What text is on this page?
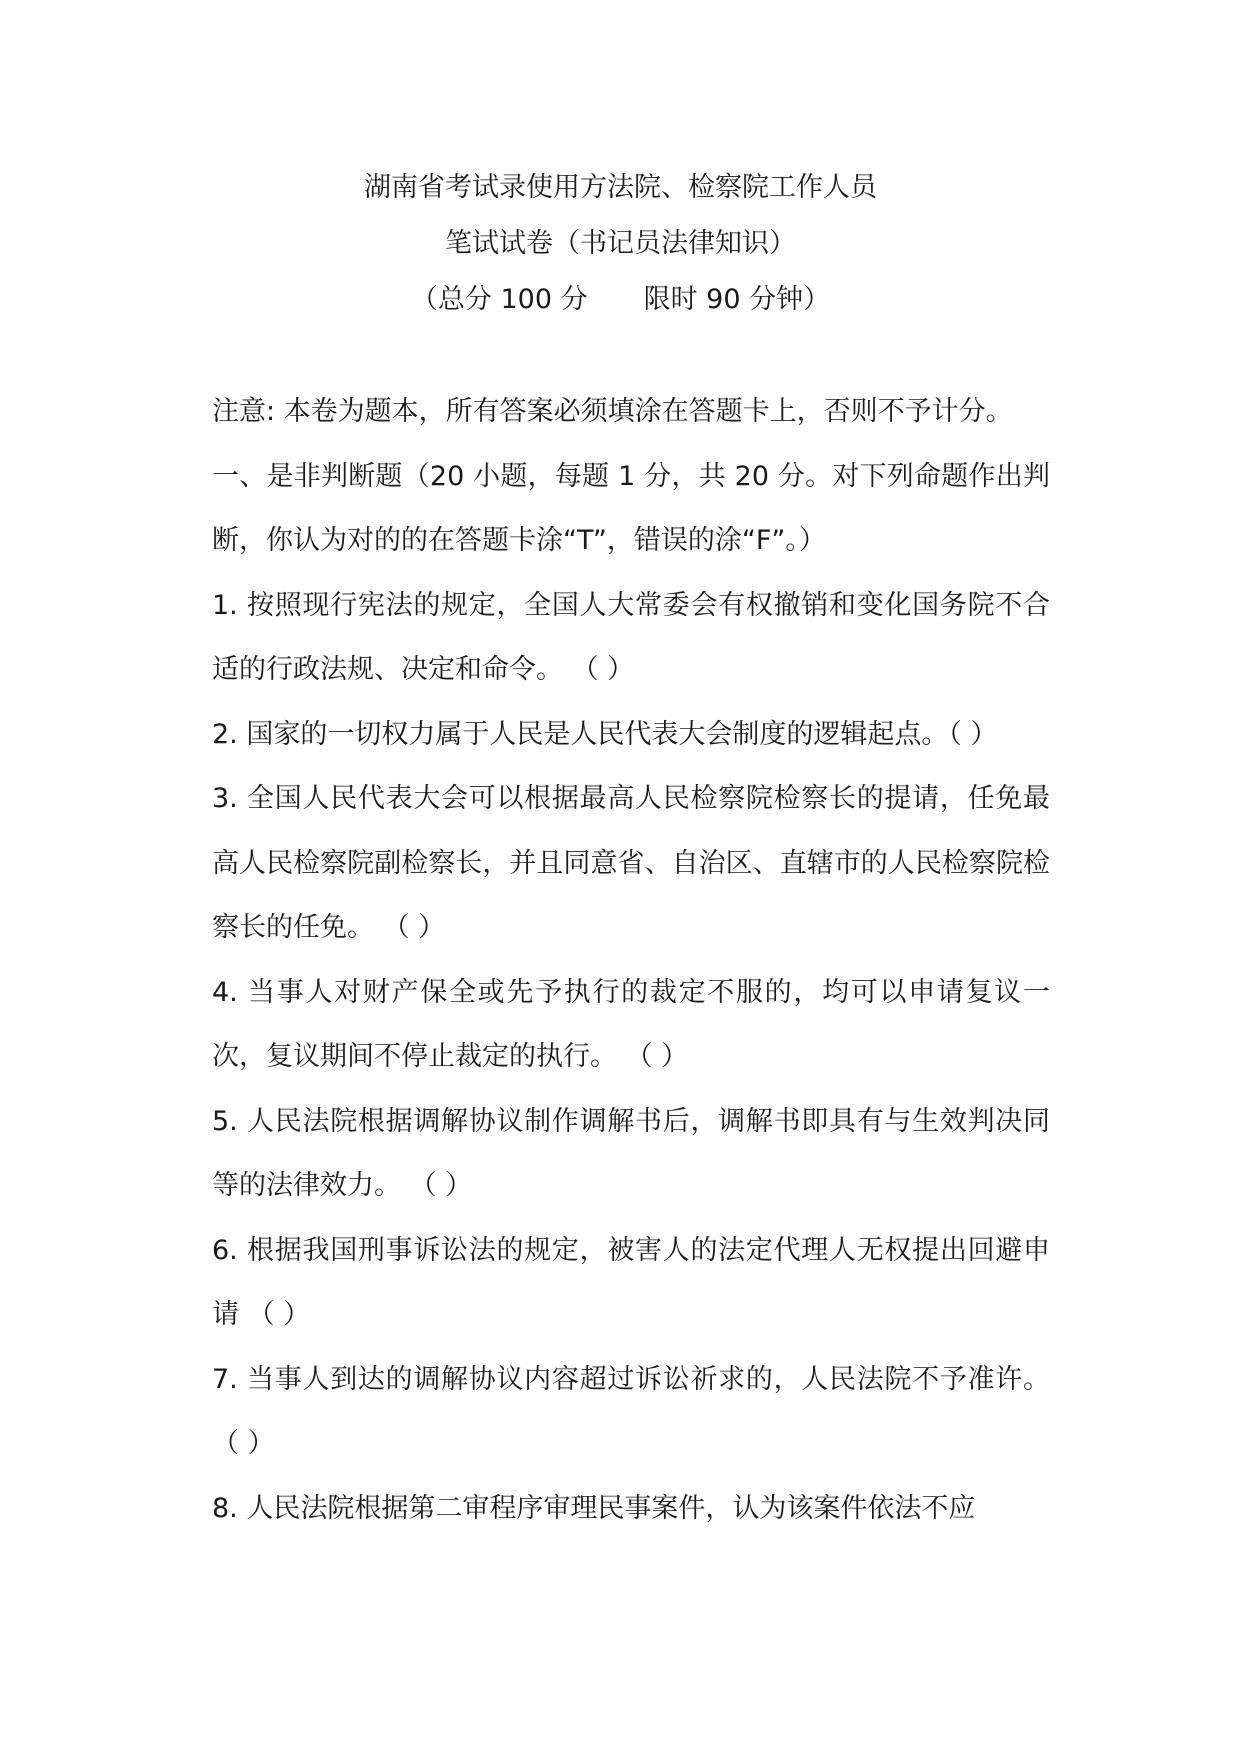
湖南省考试录使用方法院、检察院工作人员
笔试试卷（书记员法律知识）
（总分 100 分 限时 90 分钟）

注意: 本卷为题本，所有答案必须填涂在答题卡上，否则不予计分。

一、是非判断题（20 小题，每题 1 分，共 20 分。对下列命题作出判断，你认为对的的在答题卡涂“T”，错误的涂“F”。）

1. 按照现行宪法的规定，全国人大常委会有权撤销和变化国务院不合适的行政法规、决定和命令。 （ ）

2. 国家的一切权力属于人民是人民代表大会制度的逻辑起点。（ ）

3. 全国人民代表大会可以根据最高人民检察院检察长的提请，任免最高人民检察院副检察长，并且同意省、自治区、直辖市的人民检察院检察长的任免。 （ ）

4. 当事人对财产保全或先予执行的裁定不服的，均可以申请复议一次，复议期间不停止裁定的执行。 （ ）

5. 人民法院根据调解协议制作调解书后，调解书即具有与生效判决同等的法律效力。 （ ）

6. 根据我国刑事诉讼法的规定，被害人的法定代理人无权提出回避申请 （ ）

7. 当事人到达的调解协议内容超过诉讼祈求的，人民法院不予准许。 （ ）

8. 人民法院根据第二审程序审理民事案件，认为该案件依法不应
